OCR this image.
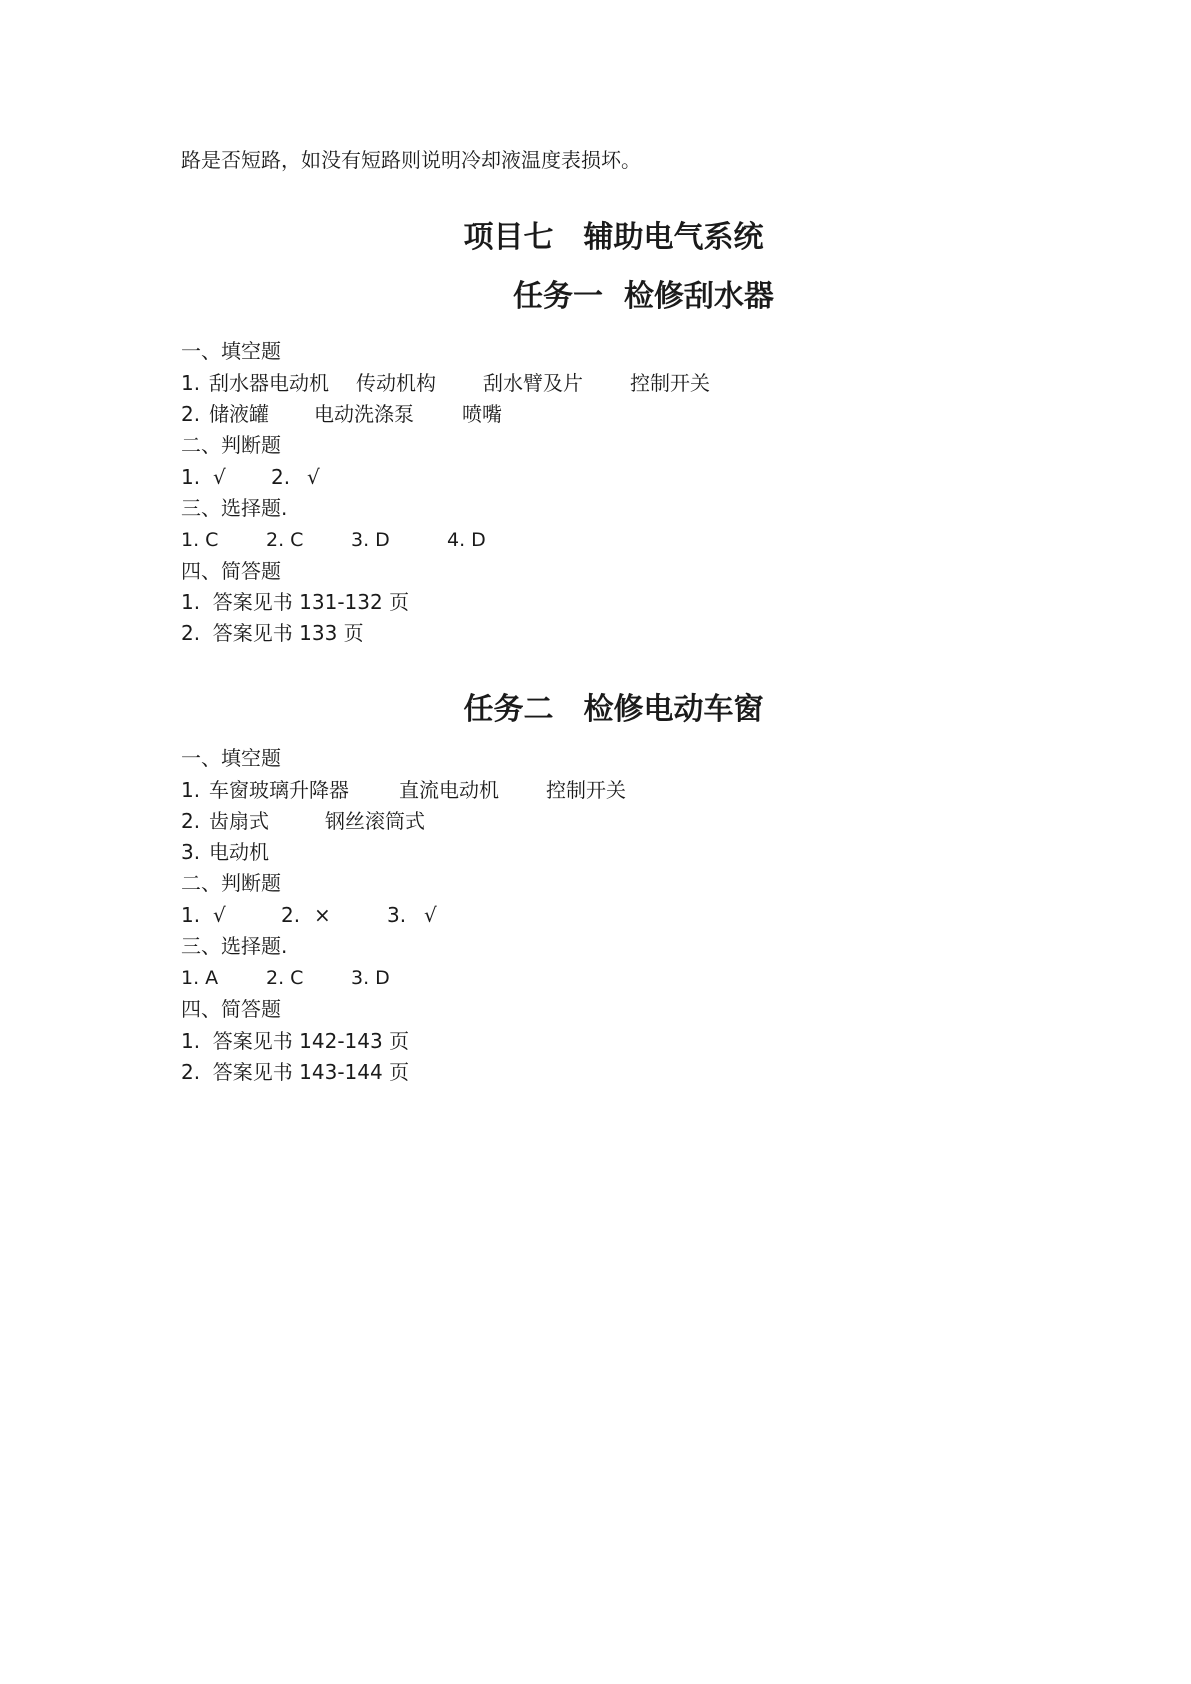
路是否短路，如没有短路则说明冷却液温度表损坏。
项目七　辅助电气系统
任务一  检修刮水器
一、填空题
1. 刮水器电动机 传动机构 刮水臂及片 控制开关
2. 储液罐 电动洗涤泵 喷嘴
二、判断题
1. √ 2. √
三、选择题.
1. C	2. C	3. D	4. D
四、简答题
1.  答案见书 131-132 页
2.  答案见书 133 页
任务二　检修电动车窗
一、填空题
1. 车窗玻璃升降器	直流电动机 控制开关
2. 齿扇式	钢丝滚筒式
3. 电动机
二、判断题
1. √	2. ×	3. √
三、选择题.
1. A	2. C	3. D
四、简答题
1.  答案见书 142-143 页
2.  答案见书 143-144 页
